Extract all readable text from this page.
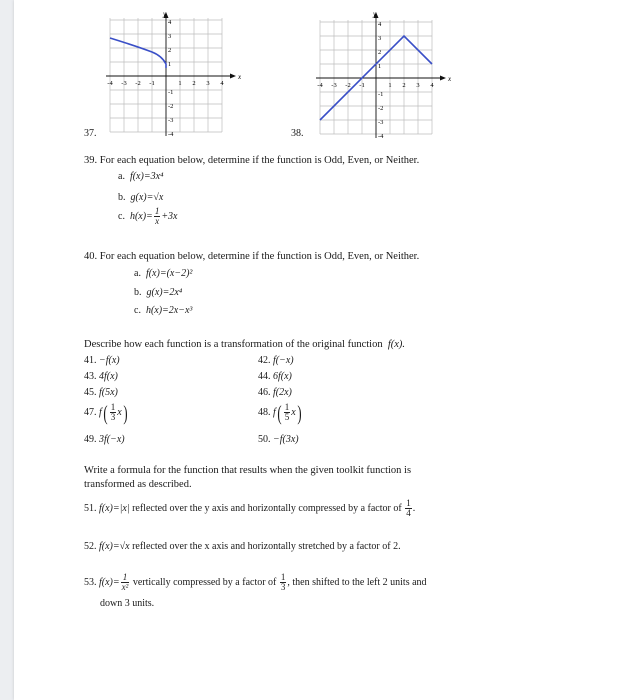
x
y
-4 -3 -2 -1	1 2 3 4
4
3
2
1
-1
-2
-3
-4
37.
x
y
-4 -3 -2 -1	1 2 3 4
4
3
2
1
-1
-2
-3
-4
38.
39. For each equation below, determine if the function is Odd, Even, or Neither.
a. f(x)=3x⁴
b. g(x)=√x
c. $h(x)= \frac{1}{x} +3x$
40. For each equation below, determine if the function is Odd, Even, or Neither.
a. f(x)=(x−2)²
b. g(x)=2x⁴
c. h(x)=2x−x³
Describe how each function is a transformation of the original function f(x).
41. −f(x)	42. f(−x)
43. 4f(x)	44. 6f(x)
45. f(5x)	46. f(2x)
47. $f( \frac{1}{3} x)$	48. $f( \frac{1}{5} x)$
49. 3f(−x)	50. −f(3x)
Write a formula for the function that results when the given toolkit function is
transformed as described.
51. f(x)=|x| reflected over the y axis and horizontally compressed by a factor of $\frac{1}{4}$ .
52. f(x)=√x reflected over the x axis and horizontally stretched by a factor of 2.
53. $f(x)= \frac{1}{\text{x²}}$ vertically compressed by a factor of $\frac{1}{3}$ , then shifted to the left 2 units and
down 3 units.
